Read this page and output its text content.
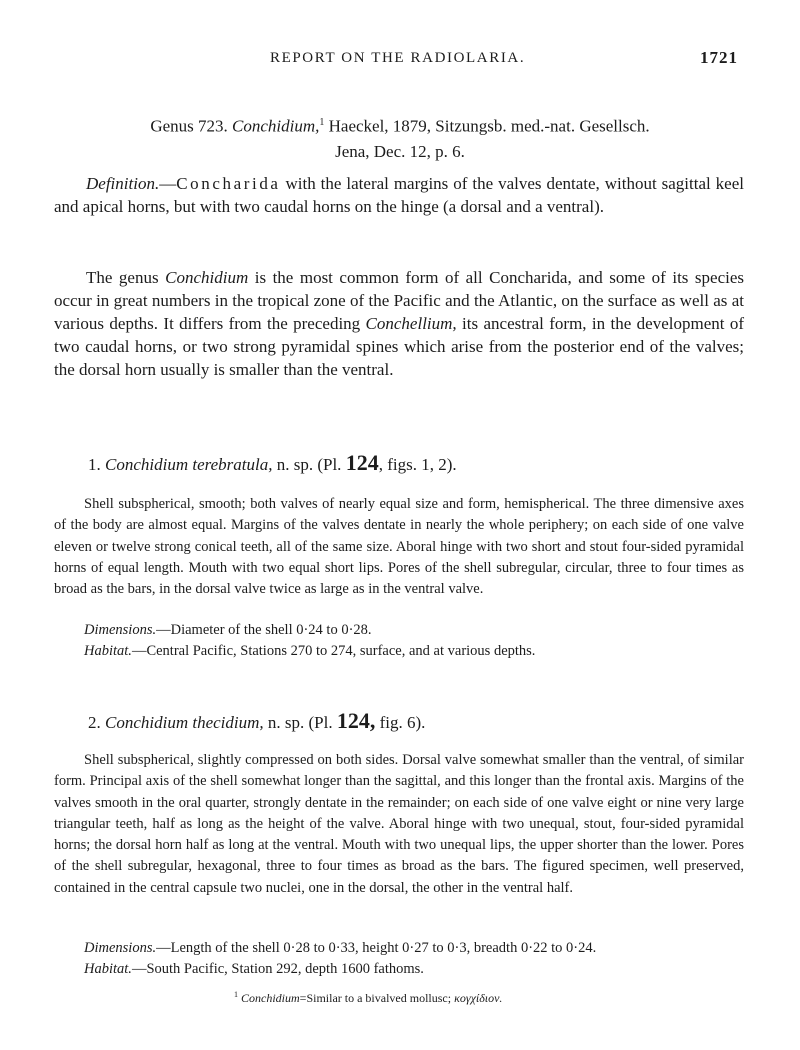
REPORT ON THE RADIOLARIA.	1721
Genus 723. Conchidium,$^1$ Haeckel, 1879, Sitzungsb. med.-nat. Gesellsch.
Jena, Dec. 12, p. 6.

Definition.—Concharida with the lateral margins of the valves dentate, without sagittal keel and apical horns, but with two caudal horns on the hinge (a dorsal and a ventral).

The genus Conchidium is the most common form of all Concharida, and some of its species occur in great numbers in the tropical zone of the Pacific and the Atlantic, on the surface as well as at various depths. It differs from the preceding Conchellium, its ancestral form, in the development of two caudal horns, or two strong pyramidal spines which arise from the posterior end of the valves; the dorsal horn usually is smaller than the ventral.

1. Conchidium terebratula, n. sp. (Pl. 124, figs. 1, 2).

Shell subspherical, smooth; both valves of nearly equal size and form, hemispherical. The three dimensive axes of the body are almost equal. Margins of the valves dentate in nearly the whole periphery; on each side of one valve eleven or twelve strong conical teeth, all of the same size. Aboral hinge with two short and stout four-sided pyramidal horns of equal length. Mouth with two equal short lips. Pores of the shell subregular, circular, three to four times as broad as the bars, in the dorsal valve twice as large as in the ventral valve.

Dimensions.—Diameter of the shell 0·24 to 0·28.
Habitat.—Central Pacific, Stations 270 to 274, surface, and at various depths.
2. Conchidium thecidium, n. sp. (Pl. 124, fig. 6).

Shell subspherical, slightly compressed on both sides. Dorsal valve somewhat smaller than the ventral, of similar form. Principal axis of the shell somewhat longer than the sagittal, and this longer than the frontal axis. Margins of the valves smooth in the oral quarter, strongly dentate in the remainder; on each side of one valve eight or nine very large triangular teeth, half as long as the height of the valve. Aboral hinge with two unequal, stout, four-sided pyramidal horns; the dorsal horn half as long at the ventral. Mouth with two unequal lips, the upper shorter than the lower. Pores of the shell subregular, hexagonal, three to four times as broad as the bars. The figured specimen, well preserved, contained in the central capsule two nuclei, one in the dorsal, the other in the ventral half.

Dimensions.—Length of the shell 0·28 to 0·33, height 0·27 to 0·3, breadth 0·22 to 0·24.
Habitat.—South Pacific, Station 292, depth 1600 fathoms.
$^1$ Conchidium=Similar to a bivalved mollusc; κογχίδιον.
